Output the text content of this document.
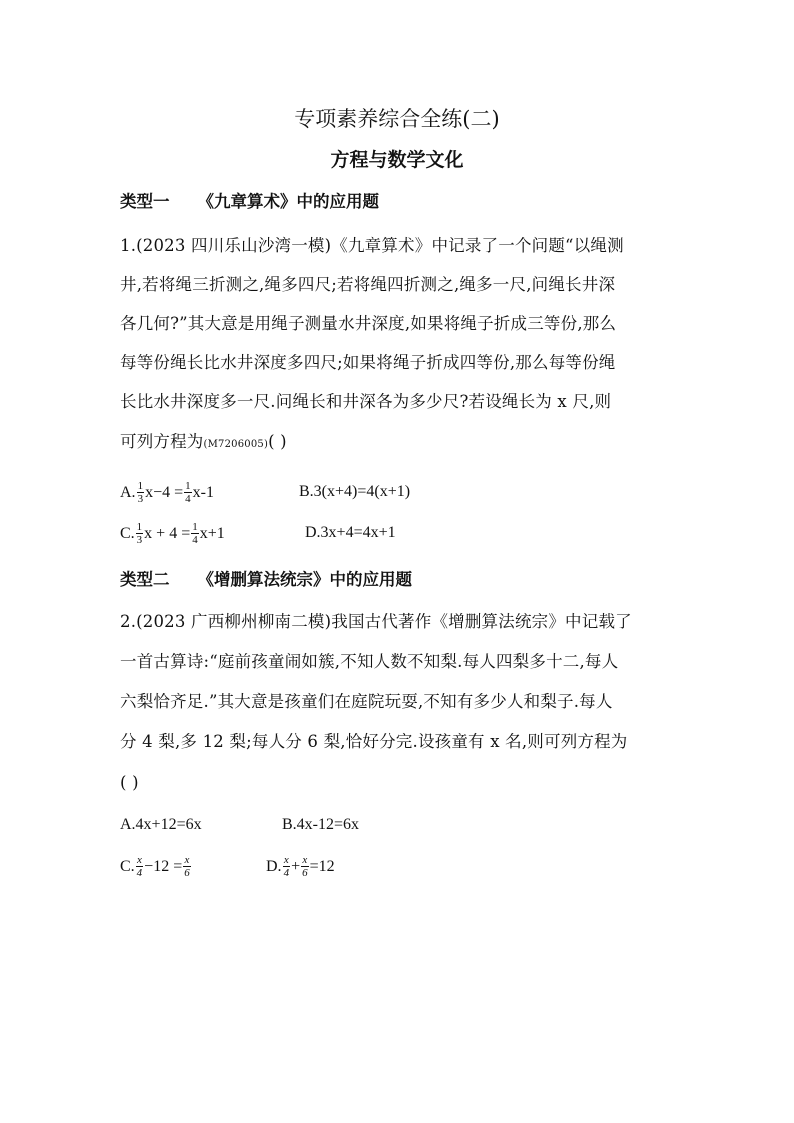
专项素养综合全练(二)
方程与数学文化
类型一 《九章算术》中的应用题
1.(2023 四川乐山沙湾一模)《九章算术》中记录了一个问题“以绳测
井,若将绳三折测之,绳多四尺;若将绳四折测之,绳多一尺,问绳长井深
各几何?”其大意是用绳子测量水井深度,如果将绳子折成三等份,那么
每等份绳长比水井深度多四尺;如果将绳子折成四等份,那么每等份绳
长比水井深度多一尺.问绳长和井深各为多少尺?若设绳长为 x 尺,则
可列方程为(M7206005)( )
A. $\frac{1}{3} x-4 = \frac{1}{4} x-1$	B.3(x+4)=4(x+1)
C. $\frac{1}{3}$ $x + 4 = \frac{1}{4} x+1$	D.3x+4=4x+1
类型二 《增删算法统宗》中的应用题
2.(2023 广西柳州柳南二模)我国古代著作《增删算法统宗》中记载了
一首古算诗:“庭前孩童闹如簇,不知人数不知梨.每人四梨多十二,每人
六梨恰齐足.”其大意是孩童们在庭院玩耍,不知有多少人和梨子.每人
分 4 梨,多 12 梨;每人分 6 梨,恰好分完.设孩童有 x 名,则可列方程为
( )
A.4x+12=6x	B.4x-12=6x
C. $\frac{x}{4} -12 = \frac{x}{6}$	D. $\frac{x}{4} + \frac{x}{6} =12$
